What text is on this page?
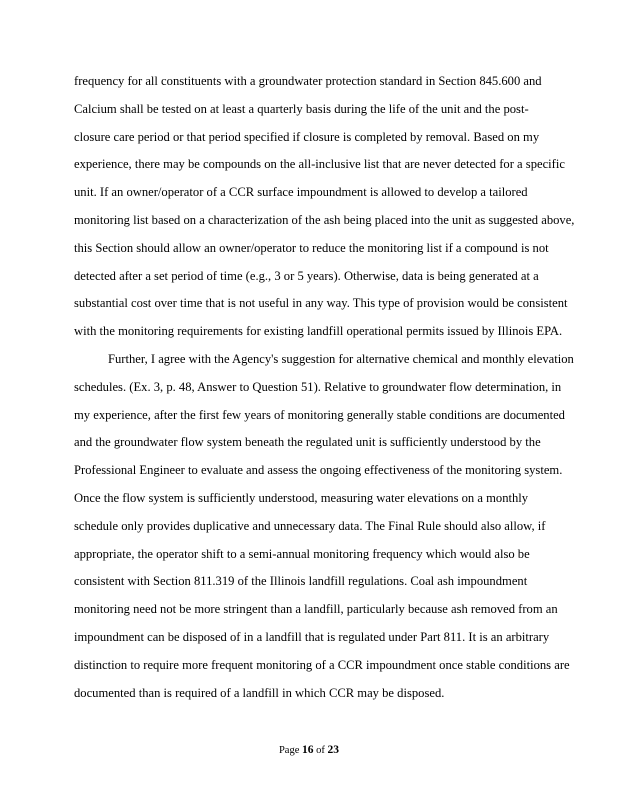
frequency for all constituents with a groundwater protection standard in Section 845.600 and
Calcium shall be tested on at least a quarterly basis during the life of the unit and the post-
closure care period or that period specified if closure is completed by removal. Based on my
experience, there may be compounds on the all-inclusive list that are never detected for a specific
unit. If an owner/operator of a CCR surface impoundment is allowed to develop a tailored
monitoring list based on a characterization of the ash being placed into the unit as suggested above,
this Section should allow an owner/operator to reduce the monitoring list if a compound is not
detected after a set period of time (e.g., 3 or 5 years). Otherwise, data is being generated at a
substantial cost over time that is not useful in any way. This type of provision would be consistent
with the monitoring requirements for existing landfill operational permits issued by Illinois EPA.
Further, I agree with the Agency's suggestion for alternative chemical and monthly elevation
schedules. (Ex. 3, p. 48, Answer to Question 51). Relative to groundwater flow determination, in
my experience, after the first few years of monitoring generally stable conditions are documented
and the groundwater flow system beneath the regulated unit is sufficiently understood by the
Professional Engineer to evaluate and assess the ongoing effectiveness of the monitoring system.
Once the flow system is sufficiently understood, measuring water elevations on a monthly
schedule only provides duplicative and unnecessary data. The Final Rule should also allow, if
appropriate, the operator shift to a semi-annual monitoring frequency which would also be
consistent with Section 811.319 of the Illinois landfill regulations. Coal ash impoundment
monitoring need not be more stringent than a landfill, particularly because ash removed from an
impoundment can be disposed of in a landfill that is regulated under Part 811. It is an arbitrary
distinction to require more frequent monitoring of a CCR impoundment once stable conditions are
documented than is required of a landfill in which CCR may be disposed.
Page 16 of 23
